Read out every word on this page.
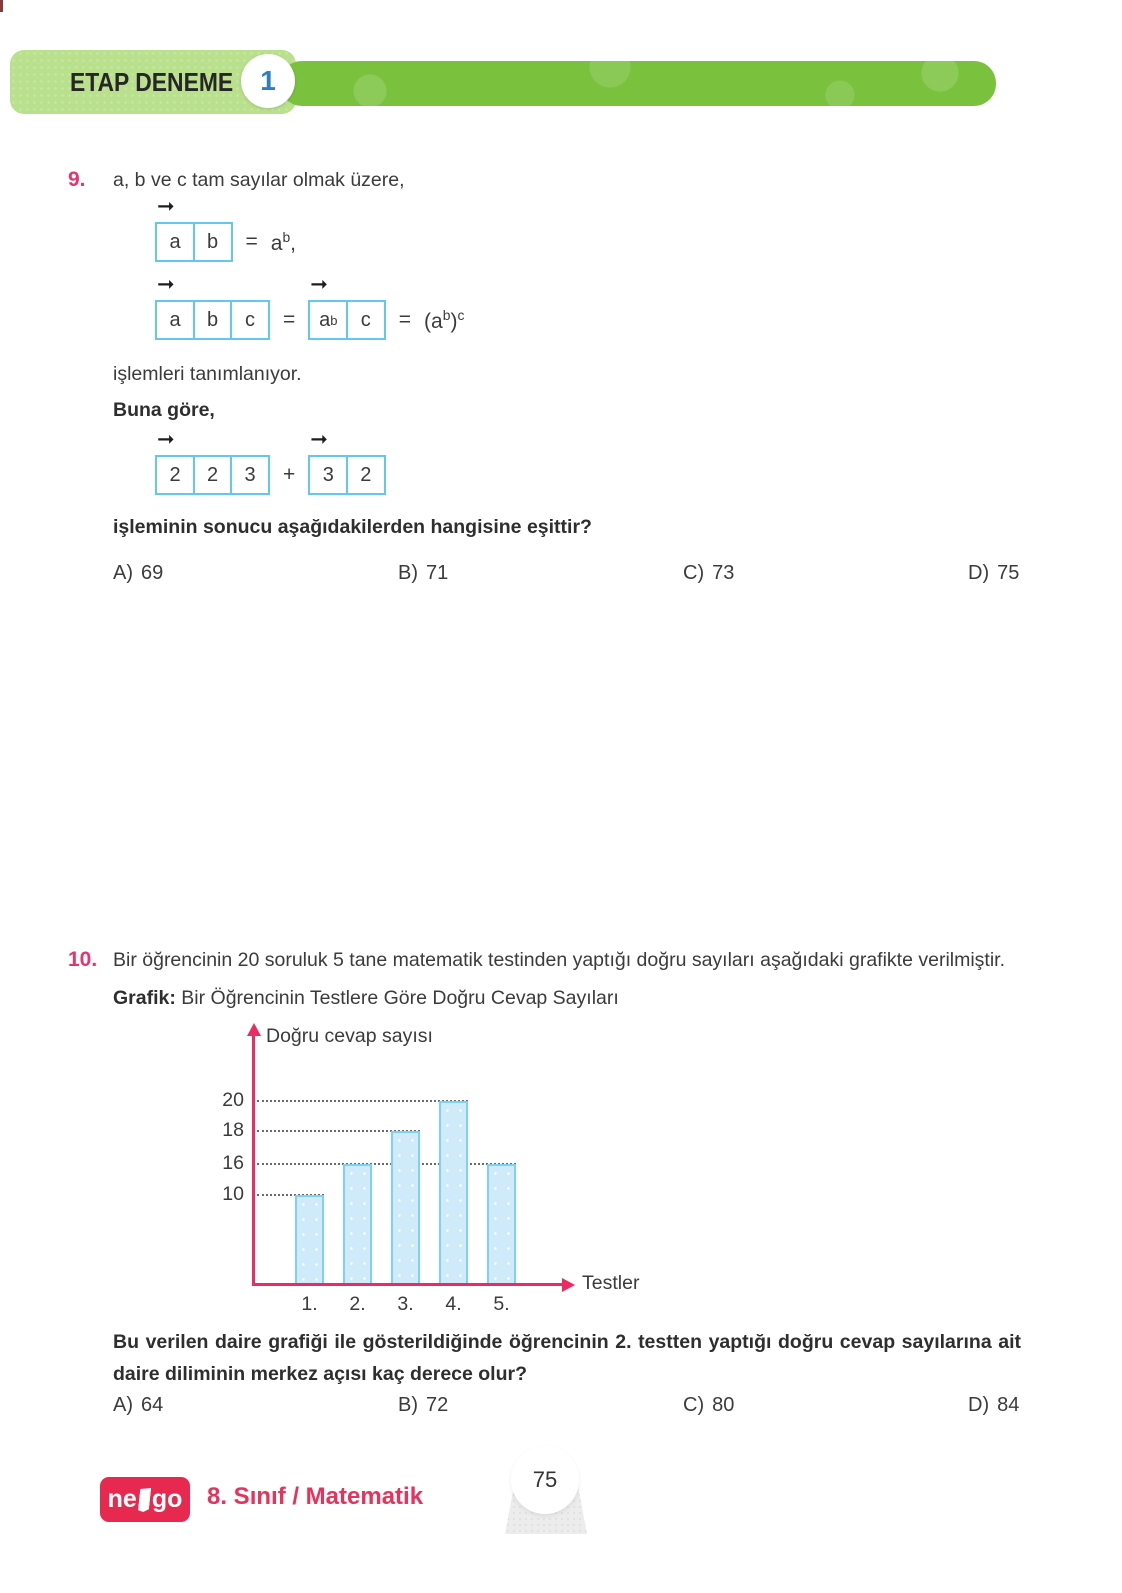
ETAP DENEME 1
9. a, b ve c tam sayılar olmak üzere,
➞
a	b	= $a^b$,
➞
a	b	c	=
➞
a b	c	= $(a^b)^c$
işlemleri tanımlanıyor.
Buna göre,
➞
2	2	3	+
➞
3	2
işleminin sonucu aşağıdakilerden hangisine eşittir?
A) 69	B) 71	C) 73	D) 75
10. Bir öğrencinin 20 soruluk 5 tane matematik testinden yaptığı doğru sayıları aşağıdaki grafikte verilmiştir.
Grafik: Bir Öğrencinin Testlere Göre Doğru Cevap Sayıları
Doğru cevap sayısı
Testler
10
16
18
20
1.	2.	3.	4.	5.
Bu verilen daire grafiği ile gösterildiğinde öğrencinin 2. testten yaptığı doğru cevap sayılarına ait daire diliminin merkez açısı kaç derece olur?
A) 64	B) 72	C) 80	D) 84
ne go 8. Sınıf / Matematik
75
